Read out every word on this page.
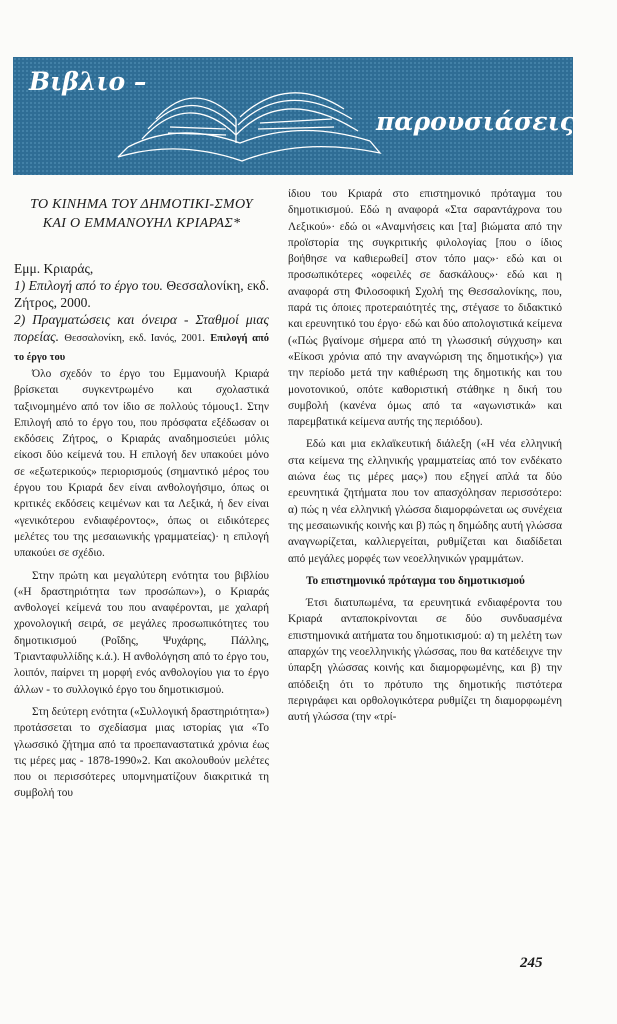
Βιβλιο –
παρουσιάσεις
ΤΟ ΚΙΝΗΜΑ ΤΟΥ ΔΗΜΟΤΙΚΙ-ΣΜΟΥ ΚΑΙ Ο ΕΜΜΑΝΟΥΗΛ ΚΡΙΑΡΑΣ*
Εμμ. Κριαράς,
1) Επιλογή από το έργο του. Θεσσαλονίκη, εκδ. Ζήτρος, 2000.
2) Πραγματώσεις και όνειρα - Σταθμοί μιας πορείας. Θεσσαλονίκη, εκδ. Ιανός, 2001. Επιλογή από το έργο του

Όλο σχεδόν το έργο του Εμμανουήλ Κριαρά βρίσκεται συγκεντρωμένο και σχολαστικά ταξινομημένο από τον ίδιο σε πολλούς τόμους1. Στην Επιλογή από το έργο του, που πρόσφατα εξέδωσαν οι εκδόσεις Ζήτρος, ο Κριαράς αναδημοσιεύει μόλις είκοσι δύο κείμενά του. Η επιλογή δεν υπακούει μόνο σε «εξωτερικούς» περιορισμούς (σημαντικό μέρος του έργου του Κριαρά δεν είναι ανθολογήσιμο, όπως οι κριτικές εκδόσεις κειμένων και τα Λεξικά, ή δεν είναι «γενικότερου ενδιαφέροντος», όπως οι ειδικότερες μελέτες του της μεσαιωνικής γραμματείας)· η επιλογή υπακούει σε σχέδιο.

Στην πρώτη και μεγαλύτερη ενότητα του βιβλίου («Η δραστηριότητα των προσώπων»), ο Κριαράς ανθολογεί κείμενά του που αναφέρονται, με χαλαρή χρονολογική σειρά, σε μεγάλες προσωπικότητες του δημοτικισμού (Ροΐδης, Ψυχάρης, Πάλλης, Τριανταφυλλίδης κ.ά.). Η ανθολόγηση από το έργο του, λοιπόν, παίρνει τη μορφή ενός ανθολογίου για το έργο άλλων - το συλλογικό έργο του δημοτικισμού.

Στη δεύτερη ενότητα («Συλλογική δραστηριότητα») προτάσσεται το σχεδίασμα μιας ιστορίας για «Το γλωσσικό ζήτημα από τα προεπαναστατικά χρόνια έως τις μέρες μας - 1878-1990»2. Και ακολουθούν μελέτες που οι περισσότερες υπομνηματίζουν διακριτικά τη συμβολή του

ίδιου του Κριαρά στο επιστημονικό πρόταγμα του δημοτικισμού. Εδώ η αναφορά «Στα σαραντάχρονα του Λεξικού»· εδώ οι «Αναμνήσεις και [τα] βιώματα από την προϊστορία της συγκριτικής φιλολογίας [που ο ίδιος βοήθησε να καθιερωθεί] στον τόπο μας»· εδώ και οι προσωπικότερες «οφειλές σε δασκάλους»· εδώ και η αναφορά στη Φιλοσοφική Σχολή της Θεσσαλονίκης, που, παρά τις όποιες προτεραιότητές της, στέγασε το διδακτικό και ερευνητικό του έργο· εδώ και δύο απολογιστικά κείμενα («Πώς βγαίνομε σήμερα από τη γλωσσική σύγχυση» και «Είκοσι χρόνια από την αναγνώριση της δημοτικής») για την περίοδο μετά την καθιέρωση της δημοτικής και του μονοτονικού, οπότε καθοριστική στάθηκε η δική του συμβολή (κανένα όμως από τα «αγωνιστικά» και παρεμβατικά κείμενα αυτής της περιόδου).

Εδώ και μια εκλαϊκευτική διάλεξη («Η νέα ελληνική στα κείμενα της ελληνικής γραμματείας από τον ενδέκατο αιώνα έως τις μέρες μας») που εξηγεί απλά τα δύο ερευνητικά ζητήματα που τον απασχόλησαν περισσότερο: α) πώς η νέα ελληνική γλώσσα διαμορφώνεται ως συνέχεια της μεσαιωνικής κοινής και β) πώς η δημώδης αυτή γλώσσα αναγνωρίζεται, καλλιεργείται, ρυθμίζεται και διαδίδεται από μεγάλες μορφές των νεοελληνικών γραμμάτων.

Το επιστημονικό πρόταγμα του δημοτικισμού

Έτσι διατυπωμένα, τα ερευνητικά ενδιαφέροντα του Κριαρά ανταποκρίνονται σε δύο συνδυασμένα επιστημονικά αιτήματα του δημοτικισμού: α) τη μελέτη των απαρχών της νεοελληνικής γλώσσας, που θα κατέδειχνε την ύπαρξη γλώσσας κοινής και διαμορφωμένης, και β) την απόδειξη ότι το πρότυπο της δημοτικής πιστότερα περιγράφει και ορθολογικότερα ρυθμίζει τη διαμορφωμένη αυτή γλώσσα (την «τρί-

245
